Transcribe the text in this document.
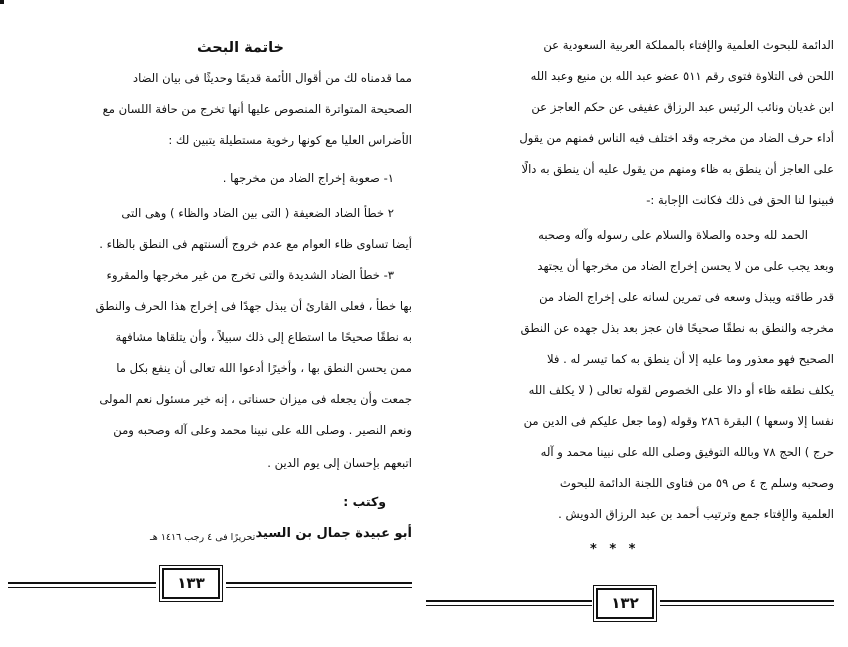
خاتمة البحث
مما قدمناه لك من أقوال الأئمة قديمًا وحديثًا فى بيان الضاد
الصحيحة المتواترة المنصوص عليها أنها تخرج من حافة اللسان مع
الأضراس العليا مع كونها رخوية مستطيلة يتبين لك :
١- صعوبة إخراج الضاد من مخرجها .
٢ خطأ الضاد الضعيفة ( التى بين الضاد والظاء ) وهى التى
أيضا تساوى ظاء العوام مع عدم خروج ألسنتهم فى النطق بالظاء .
٣- خطأ الضاد الشديدة والتى تخرج من غير مخرجها والمقروء
بها خطأ ، فعلى القارئ أن يبذل جهدًا فى إخراج هذا الحرف والنطق
به نطقًا صحيحًا ما استطاع إلى ذلك سبيلاً ، وأن يتلقاها مشافهة
ممن يحسن النطق بها ، وأخيرًا أدعوا الله تعالى أن ينفع بكل ما
جمعت وأن يجعله فى ميزان حسناتى ، إنه خير مسئول نعم المولى
ونعم النصير . وصلى الله على نبينا محمد وعلى آله وصحبه ومن
اتبعهم بإحسان إلى يوم الدين .
وكتب :
أبو عبيدة جمال بن السيد
تحريرًا فى ٤ رجب ١٤١٦ هـ
١٣٣
الدائمة للبحوث العلمية والإفتاء بالمملكة العربية السعودية عن
اللحن فى التلاوة فتوى رقم ٥١١ عضو عبد الله بن منيع وعبد الله
ابن غديان ونائب الرئيس عبد الرزاق عفيفى عن حكم العاجز عن
أداء حرف الضاد من مخرجه وقد اختلف فيه الناس فمنهم من يقول
على العاجز أن ينطق به ظاء ومنهم من يقول عليه أن ينطق به دالًا
فبينوا لنا الحق فى ذلك فكانت الإجابة :-
الحمد لله وحده والصلاة والسلام على رسوله وآله وصحبه
وبعد يجب على من لا يحسن إخراج الضاد من مخرجها أن يجتهد
قدر طاقته ويبذل وسعه فى تمرين لسانه على إخراج الضاد من
مخرجه والنطق به نطقًا صحيحًا فان عجز بعد بذل جهده عن النطق
الصحيح فهو معذور وما عليه إلا أن ينطق به كما تيسر له . فلا
يكلف نطقه ظاء أو دالا على الخصوص لقوله تعالى ( لا يكلف الله
نفسا إلا وسعها ) البقرة ٢٨٦ وقوله (وما جعل عليكم فى الدين من
حرج ) الحج ٧٨ وبالله التوفيق وصلى الله على نبينا محمد و آله
وصحبه وسلم ج ٤ ص ٥٩ من فتاوى اللجنة الدائمة للبحوث
العلمية والإفتاء جمع وترتيب أحمد بن عبد الرزاق الدويش .
* * *
١٣٢
